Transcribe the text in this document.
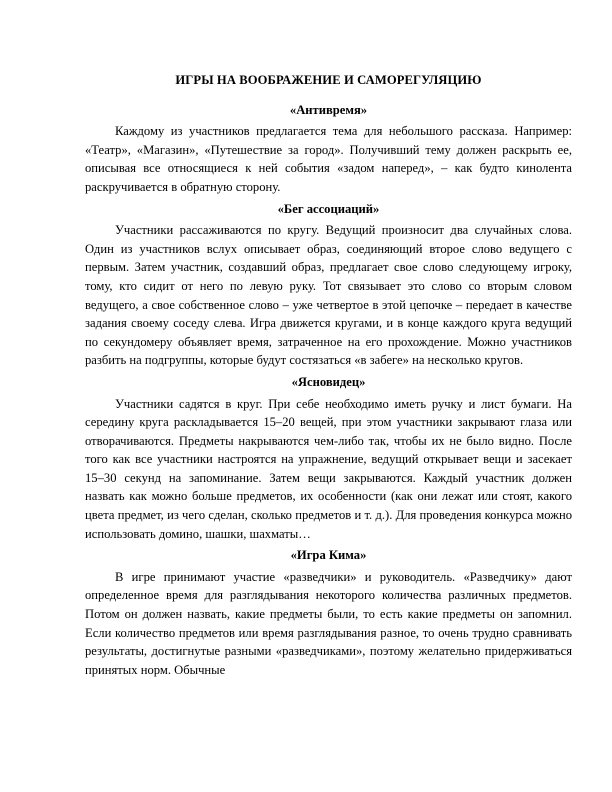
ИГРЫ НА ВООБРАЖЕНИЕ И САМОРЕГУЛЯЦИЮ
«Антивремя»

Каждому из участников предлагается тема для небольшого рассказа. Например: «Театр», «Магазин», «Путешествие за город». Получивший тему должен раскрыть ее, описывая все относящиеся к ней события «задом наперед», – как будто кинолента раскручивается в обратную сторону.

«Бег ассоциаций»

Участники рассаживаются по кругу. Ведущий произносит два случайных слова. Один из участников вслух описывает образ, соединяющий второе слово ведущего с первым. Затем участник, создавший образ, предлагает свое слово следующему игроку, тому, кто сидит от него по левую руку. Тот связывает это слово со вторым словом ведущего, а свое собственное слово – уже четвертое в этой цепочке – передает в качестве задания своему соседу слева. Игра движется кругами, и в конце каждого круга ведущий по секундомеру объявляет время, затраченное на его прохождение. Можно участников разбить на подгруппы, которые будут состязаться «в забеге» на несколько кругов.

«Ясновидец»

Участники садятся в круг. При себе необходимо иметь ручку и лист бумаги. На середину круга раскладывается 15–20 вещей, при этом участники закрывают глаза или отворачиваются. Предметы накрываются чем-либо так, чтобы их не было видно. После того как все участники настроятся на упражнение, ведущий открывает вещи и засекает 15–30 секунд на запоминание. Затем вещи закрываются. Каждый участник должен назвать как можно больше предметов, их особенности (как они лежат или стоят, какого цвета предмет, из чего сделан, сколько предметов и т. д.). Для проведения конкурса можно использовать домино, шашки, шахматы…

«Игра Кима»

В игре принимают участие «разведчики» и руководитель. «Разведчику» дают определенное время для разглядывания некоторого количества различных предметов. Потом он должен назвать, какие предметы были, то есть какие предметы он запомнил. Если количество предметов или время разглядывания разное, то очень трудно сравнивать результаты, достигнутые разными «разведчиками», поэтому желательно придерживаться принятых норм. Обычные
